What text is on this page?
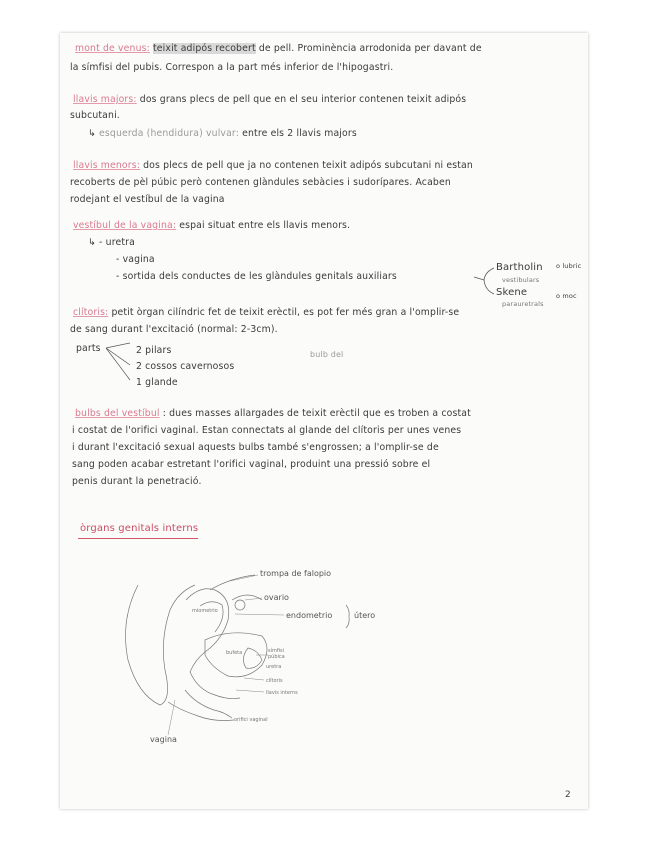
mont de venus: teixit adipós recobert de pell. Prominència arrodonida per davant de
la símfisi del pubis. Correspon a la part més inferior de l'hipogastri.
llavis majors: dos grans plecs de pell que en el seu interior contenen teixit adipós
subcutani.
↳ esquerda (hendidura) vulvar: entre els 2 llavis majors
llavis menors: dos plecs de pell que ja no contenen teixit adipós subcutani ni estan
recoberts de pèl púbic però contenen glàndules sebàcies i sudorípares. Acaben
rodejant el vestíbul de la vagina
vestíbul de la vagina: espai situat entre els llavis menors.
↳ - uretra
- vagina
- sortida dels conductes de les glàndules genitals auxiliars
Bartholin
vestibulars
o lubric
Skene
parauretrals
o moc
clítoris: petit òrgan cilíndric fet de teixit erèctil, es pot fer més gran a l'omplir-se
de sang durant l'excitació (normal: 2-3cm).
parts	2 pilars
2 cossos cavernosos
1 glande
bulb del
bulbs del vestíbul : dues masses allargades de teixit erèctil que es troben a costat
i costat de l'orifici vaginal. Estan connectats al glande del clítoris per unes venes
i durant l'excitació sexual aquests bulbs també s'engrossen; a l'omplir-se de
sang poden acabar estretant l'orifici vaginal, produint una pressió sobre el
penis durant la penetració.
òrgans genitals interns
trompa de falopio
ovario
endometrio	útero
miometrio
bufeta	símfisi
púbica
uretra
clítoris
llavis interns
orifici vaginal
vagina
2
